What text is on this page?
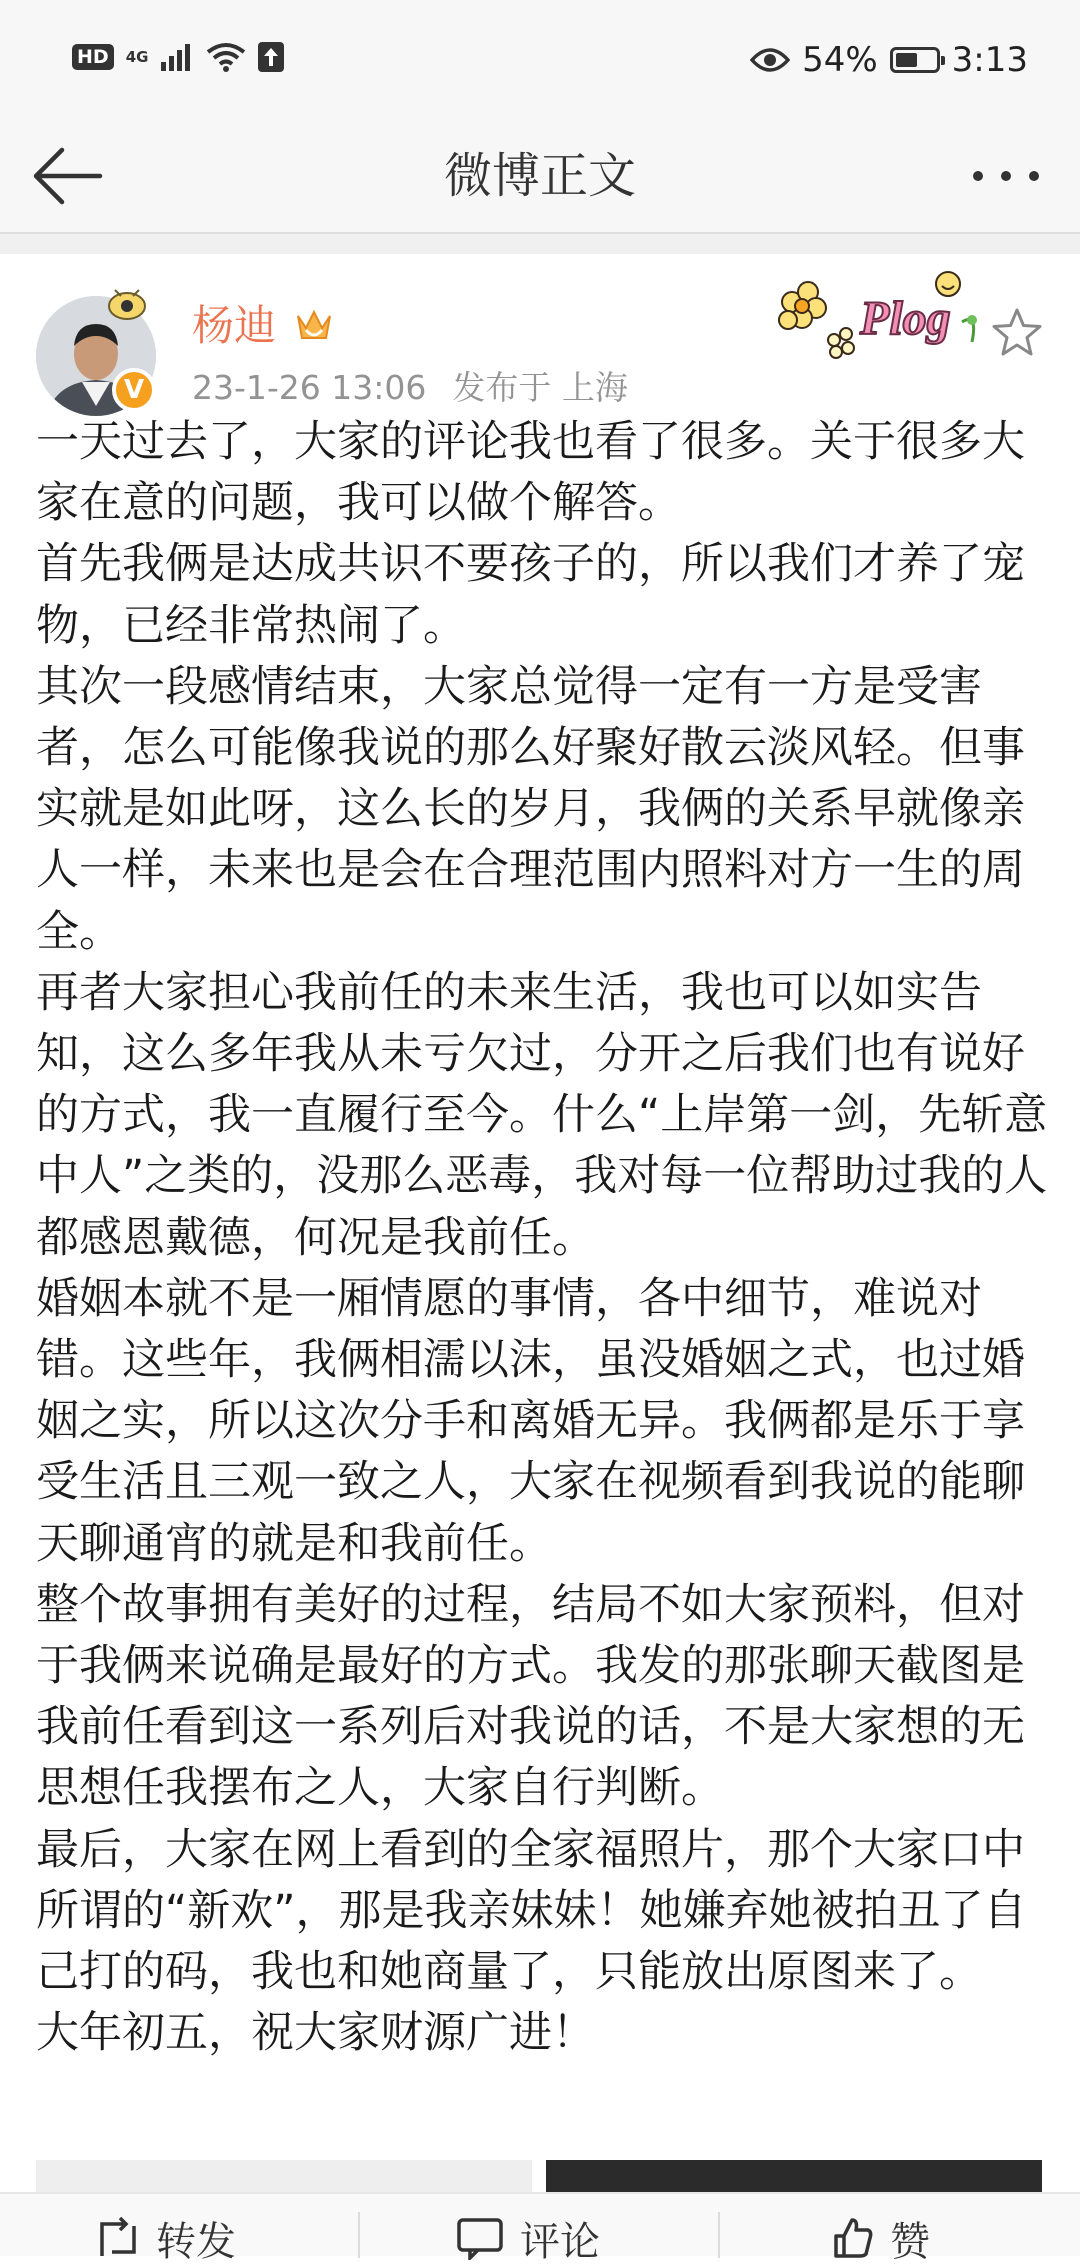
HD	4G	54% 3:13
微博正文
V
杨迪
23-1-26 13:06 发布于 上海
Plog

一天过去了，大家的评论我也看了很多。关于很多大家在意的问题，我可以做个解答。

首先我俩是达成共识不要孩子的，所以我们才养了宠物，已经非常热闹了。

其次一段感情结束，大家总觉得一定有一方是受害者，怎么可能像我说的那么好聚好散云淡风轻。但事实就是如此呀，这么长的岁月，我俩的关系早就像亲人一样，未来也是会在合理范围内照料对方一生的周全。

再者大家担心我前任的未来生活，我也可以如实告知，这么多年我从未亏欠过，分开之后我们也有说好的方式，我一直履行至今。什么“上岸第一剑，先斩意中人”之类的，没那么恶毒，我对每一位帮助过我的人都感恩戴德，何况是我前任。

婚姻本就不是一厢情愿的事情，各中细节，难说对错。这些年，我俩相濡以沫，虽没婚姻之式，也过婚姻之实，所以这次分手和离婚无异。我俩都是乐于享受生活且三观一致之人，大家在视频看到我说的能聊天聊通宵的就是和我前任。

整个故事拥有美好的过程，结局不如大家预料，但对于我俩来说确是最好的方式。我发的那张聊天截图是我前任看到这一系列后对我说的话，不是大家想的无思想任我摆布之人，大家自行判断。

最后，大家在网上看到的全家福照片，那个大家口中所谓的“新欢”，那是我亲妹妹！她嫌弃她被拍丑了自己打的码，我也和她商量了，只能放出原图来了。

大年初五，祝大家财源广进！

转发	评论	赞
